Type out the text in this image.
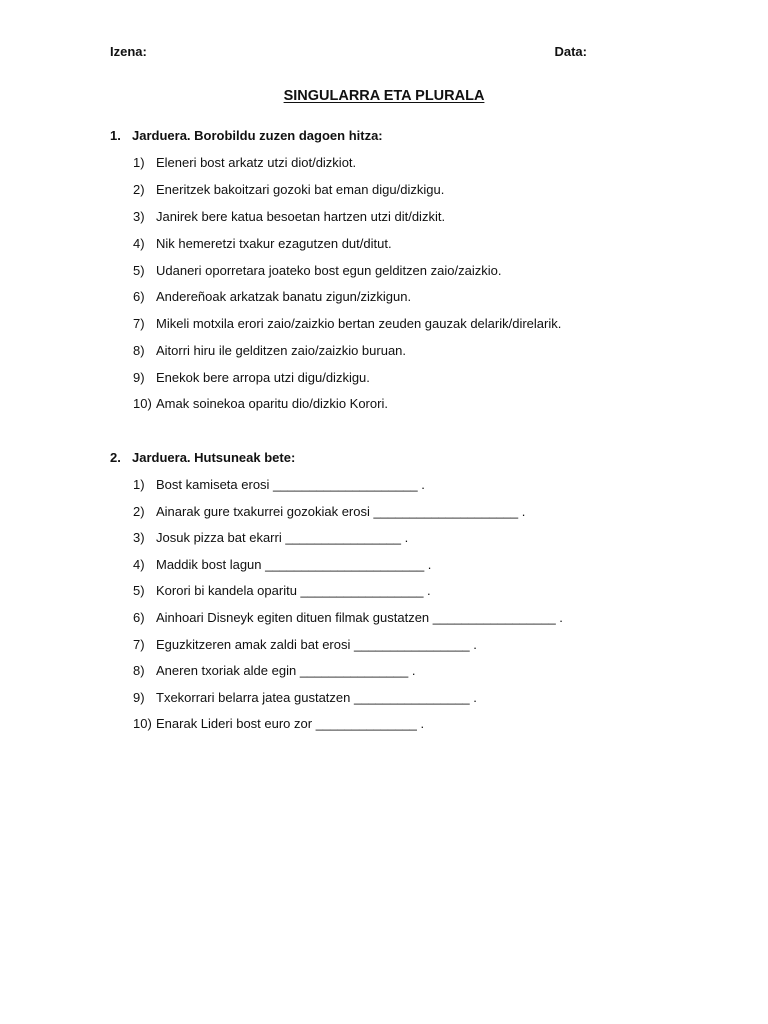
Izena:	Data:
SINGULARRA ETA PLURALA
1. Jarduera. Borobildu zuzen dagoen hitza:
1) Eleneri bost arkatz utzi diot/dizkiot.
2) Eneritzek bakoitzari gozoki bat eman digu/dizkigu.
3) Janirek bere katua besoetan hartzen utzi dit/dizkit.
4) Nik hemeretzi txakur ezagutzen dut/ditut.
5) Udaneri oporretara joateko bost egun gelditzen zaio/zaizkio.
6) Andereñoak arkatzak banatu zigun/zizkigun.
7) Mikeli motxila erori zaio/zaizkio bertan zeuden gauzak delarik/direlarik.
8) Aitorri hiru ile gelditzen zaio/zaizkio buruan.
9) Enekok bere arropa utzi digu/dizkigu.
10) Amak soinekoa oparitu dio/dizkio Korori.
2. Jarduera. Hutsuneak bete:
1) Bost kamiseta erosi ____________________ .
2) Ainarak gure txakurrei gozokiak erosi ____________________ .
3) Josuk pizza bat ekarri ________________ .
4) Maddik bost lagun ______________________ .
5) Korori bi kandela oparitu _________________ .
6) Ainhoari Disneyk egiten dituen filmak gustatzen _________________ .
7) Eguzkitzeren amak zaldi bat erosi ________________ .
8) Aneren txoriak alde egin _______________ .
9) Txekorrari belarra jatea gustatzen ________________ .
10) Enarak Lideri bost euro zor ______________ .
